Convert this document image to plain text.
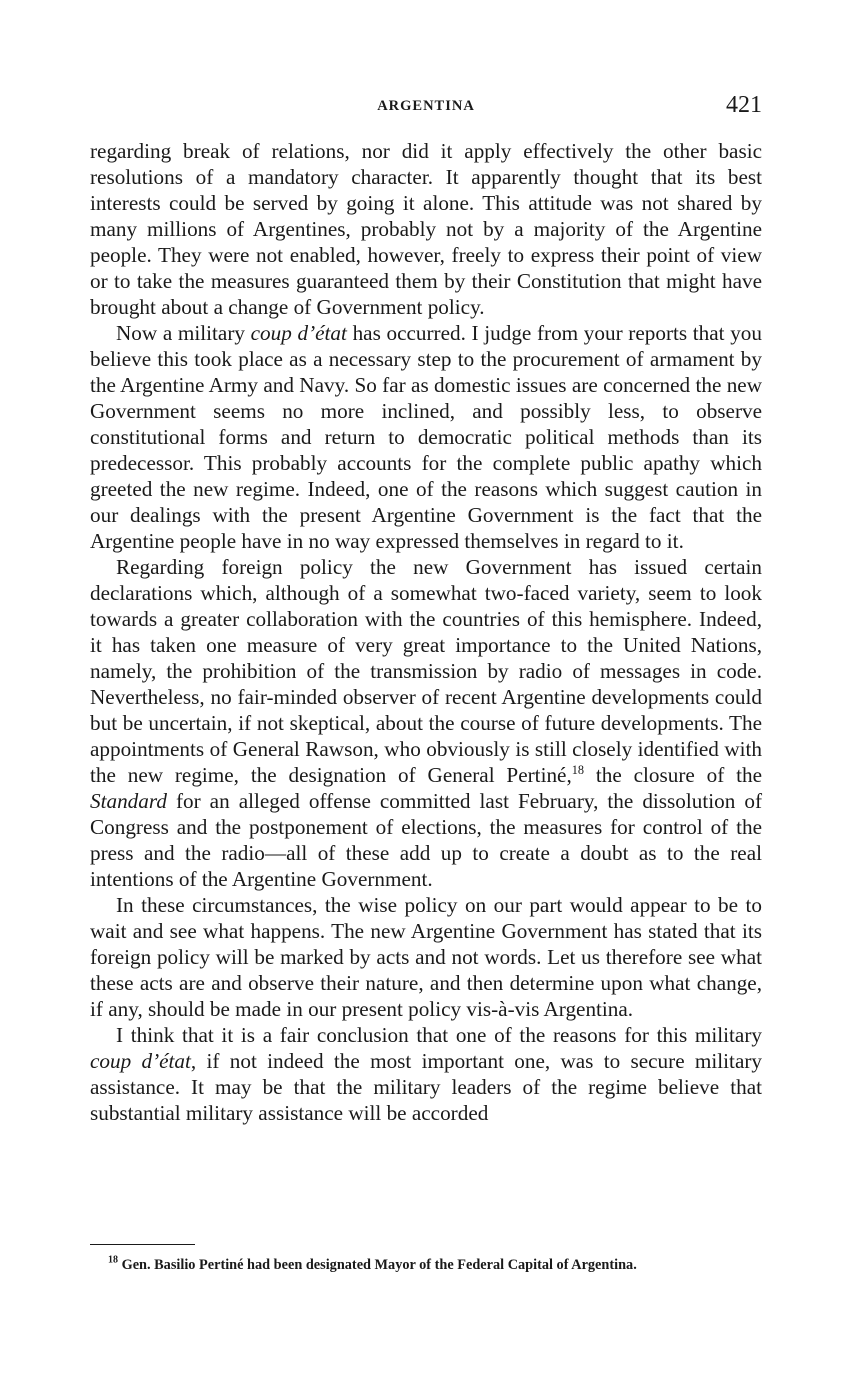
ARGENTINA	421

regarding break of relations, nor did it apply effectively the other basic resolutions of a mandatory character. It apparently thought that its best interests could be served by going it alone. This attitude was not shared by many millions of Argentines, probably not by a majority of the Argentine people. They were not enabled, however, freely to express their point of view or to take the measures guaranteed them by their Constitution that might have brought about a change of Government policy.

Now a military coup d’état has occurred. I judge from your reports that you believe this took place as a necessary step to the procurement of armament by the Argentine Army and Navy. So far as domestic issues are concerned the new Government seems no more inclined, and possibly less, to observe constitutional forms and return to democratic political methods than its predecessor. This probably accounts for the complete public apathy which greeted the new regime. Indeed, one of the reasons which suggest caution in our dealings with the present Argentine Government is the fact that the Argentine people have in no way expressed themselves in regard to it.

Regarding foreign policy the new Government has issued certain declarations which, although of a somewhat two-faced variety, seem to look towards a greater collaboration with the countries of this hemisphere. Indeed, it has taken one measure of very great importance to the United Nations, namely, the prohibition of the transmission by radio of messages in code. Nevertheless, no fair-minded observer of recent Argentine developments could but be uncertain, if not skeptical, about the course of future developments. The appointments of General Rawson, who obviously is still closely identified with the new regime, the designation of General Pertiné,$^{18}$ the closure of the Standard for an alleged offense committed last February, the dissolution of Congress and the postponement of elections, the measures for control of the press and the radio—all of these add up to create a doubt as to the real intentions of the Argentine Government.

In these circumstances, the wise policy on our part would appear to be to wait and see what happens. The new Argentine Government has stated that its foreign policy will be marked by acts and not words. Let us therefore see what these acts are and observe their nature, and then determine upon what change, if any, should be made in our present policy vis-à-vis Argentina.

I think that it is a fair conclusion that one of the reasons for this military coup d’état, if not indeed the most important one, was to secure military assistance. It may be that the military leaders of the regime believe that substantial military assistance will be accorded

$^{18}$ Gen. Basilio Pertiné had been designated Mayor of the Federal Capital of Argentina.
